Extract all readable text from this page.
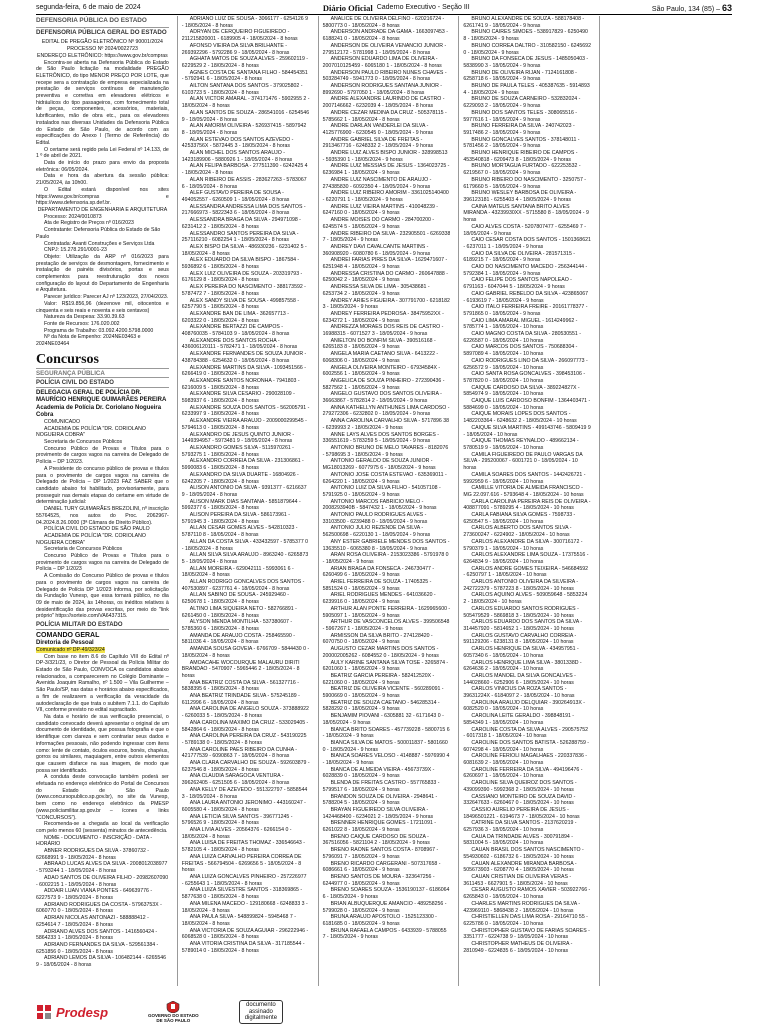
segunda-feira, 6 de maio de 2024	Diário Oficial Caderno Executivo - Seção III	São Paulo, 134 (85) – 63
DEFENSORIA PÚBLICA DO ESTADO
DEFENSORIA PÚBLICA GERAL DO ESTADO
EDITAL DE PREGÃO ELETRÔNICO Nº 90001/2024
PROCESSO Nº 2024/0022723
ENDEREÇO ELETRÔNICO: https://www.gov.br/compras
Encontra-se aberta na Defensoria Pública do Estado de São Paulo licitação na modalidade PREGÃO ELETRÔNICO, do tipo MENOR PREÇO POR LOTE, que recepe sera a contratação de empresa especializada na prestação de serviços contínuos de manutenção preventiva e corretiva em elevadores elétricos e hidráulicos do tipo passageiros, com fornecimento total de peças, componentes, acessórios, materiais, lubrificantes, mão de obra etc., para os elevadores instalados nas diversas Unidades da Defensoria Pública do Estado de São Paulo, de acordo com as especificações do Anexo I (Termo de Referência) do Edital.
O certame será regido pela Lei Federal nº 14.133, de 1 º de abril de 2021.
Data de início do prazo para envio da proposta eletrônica: 06/05/2024.
Data e hora da abertura da sessão pública: 21/05/2024, às 10h00.
O Edital estará disponível nos sites https://www.gov.br/compras e https://www.defensoria.sp.def.br.
DEPARTAMENTO DE ENGENHARIA E ARQUITETURA
Processo: 2024/0010873
Ata de Registro de Preços nº 016/2023
Contratante: Defensoria Pública do Estado de São Paulo
Contratada: Avanti Construções e Serviços Ltda
CNPJ: 15.278.291/0001-23
Objeto: Utilização da ARP nº 016/2023 para prestação de serviços de desmontagem, fornecimento e instalação de painéis divisórios, portas e seus complementos para reestruturação dos novos configuração do layout do Departamento de Engenharia e Arquitetura.
Parecer jurídico: Parecer AJ nº 123/2023, 27/04/2023.
Valor: R$19.856,96 (dezenove mil, oitocentos e cinquenta e seis reais e noventa e seis centavos)
Natureza da Despesa: 33.90.39.63
Fonte de Recursos: 176.020.002
Programa de Trabalho: 03.092.4200.5798.0000
Nº da Nota de Empenho: 2024NE03463 e 2024NE03464
Concursos
SEGURANÇA PÚBLICA
POLÍCIA CIVIL DO ESTADO
DELEGACIA GERAL DE POLÍCIA DR. MAURÍCIO HENRIQUE GUIMARÃES PEREIRA
Academia de Polícia Dr. Coriolano Nogueira Cobra
COMUNICADO
ACADEMIA DE POLÍCIA "DR. CORIOLANO NOGUEIRA COBRA"
Secretaria de Concursos Públicos
Concurso Público de Provas e Títulos para o provimento de cargos vagos na carreira de Delegado de Polícia – DP 1/2023.
A Presidente do concurso público de provas e títulos para o provimento de cargos vagos na carreira de Delegado de Polícia – DP 1/2023 FAZ SABER que o candidato abaixo foi habilitado, provisoriamente, para prosseguir nas demais etapas do certame em virtude de determinação judicial:
DANIEL TURY GUIMARÃES BREZOLINI, nº inscrição 55764525, nos autos do Proc. 2062967-04.2024.8.26.0000 (3ª Câmara de Direito Público).
POLÍCIA CIVIL DO ESTADO DE SÃO PAULO
ACADEMIA DE POLÍCIA "DR. CORIOLANO NOGUEIRA COBRA"
Secretaria de Concursos Públicos
Concurso Público de Provas e Títulos para o provimento de cargos vagos na carreira de Delegado de Polícia – DP 1/2023
A Comissão do Concurso Público de provas e títulos para o provimento de cargos vagos na carreira de Delegado de Polícia DP 1/2023 informa, por solicitação da Fundação Vunesp, que essa tornará público, no dia 09 de maio de 2024, às 14horas, os inéditos relativos à desidentificação das provas escritas, por meio do "link próprio" https://sorteio.com/VA6437315.
POLÍCIA MILITAR DO ESTADO
COMANDO GERAL
Diretoria de Pessoal
Comunicado nº DP-49/323/24
Com base no item 8.6 do Capítulo VIII do Edital nº DP-3/321/23, o Diretor de Pessoal da Polícia Militar do Estado de São Paulo, CONVOCA os candidatos abaixo relacionados, a comparecerem no Colégio Dominante – Avenida Joaquim Ramalho, nº 1.500 – Vila Guilherme – São Paulo/SP, nas datas e horários abaixo especificados, a fim de realizarem a verificação da veracidade da autodeclaração de que trata o subitem 7.1.1. do Capítulo VII, conforme previsto no edital supracitado.
Na data e horário de sua verificação presencial, o candidato convocado deverá apresentar o original de um documento de identidade, que possua fotografia e que o identifique com clareza e sem contrariar seus dados e informações pessoais, não podendo ingressar com itens como: lente de contato, óculos escuros, bonés, chapéus, gorros ou similares, maquiagem, entre outros elementos que causem disfarce na sua imagem, de modo que possa ser identificado.
A conduta deste convocação também poderá ser efetuada no endereço eletrônico do Portal de Concursos do Estado de São Paulo (www.concursopublico.sp.gov.br), no site da Vunesp, bem como no endereço eletrônico da PMESP (www.policiamilitar.sp.gov.br – ícones e links "CONCURSOS").
Recomenda-se a chegada ao local da verificação com pelo menos 60 (sessenta) minutos de antecedência.
NOME - DOCUMENTO - INSCRIÇÃO - DATA - HORÁRIO
ABNER RODRIGUES DA SILVA - 37860732 - 62668991 9 - 18/05/2024 - 8 horas
ABRAAO LUCAS ALVES DA SILVA - 2008012038977 - 5793244 1 - 18/05/2024 - 8 horas
ADAO SANTOS DE OLIVEIRA FILHO - 20982607090 - 6002215 1 - 18/05/2024 - 8 horas
ADDAIR LUAN VIANA PONTES - 649639776 - 6227573 9 - 18/05/2024 - 8 horas
ADRIANO RODRIGUES DA COSTA - 57963753X - 6060770 0 - 18/05/2024 - 8 horas
ADRIAN NICOLAS ANTONAZI - 588888412 - 6254614 7 - 18/05/2024 - 8 horas
ADRIANO ALVES DOS SANTOS - 1416560424 - 5864233 1 - 18/05/2024 - 8 horas
ADRIANO FERNANDES DA SILVA - 529561384 - 6251856 0 - 18/05/2024 - 8 horas
ADRIANO LEMOS DA SILVA - 106482144 - 6265546 9 - 18/05/2024 - 8 horas
ADRIANO LUIZ DE SOUSA - 3066177 - 6254126 9 - 18/05/2024 - 8 horas
ADRYAN DE CERQUEIRO FIGUEIREDO - 211215820001 - 6189905 4 - 18/05/2024 - 8 horas
AFONSO VIEIRA DA SILVA BRILHANTE - 269392296 - 5792286 9 - 18/05/2024 - 8 horas
AGHATA MATOS DE SOUZA ALVES - 259602119 - 6229529 2 - 18/05/2024 - 8 horas
AGNES COSTA DE SANTANA FILHO - 584454351 - 5792941 6 - 18/05/2024 - 8 horas
AILTON SANTANA DOS SANTOS - 379025802 - 6103723 5 - 18/05/2024 - 8 horas
ALAN VICTOR AMARAL - 374171476 - 5902955 2 - 18/05/2024 - 8 horas
ALAN SANTOS DE SOUZA - 286541016 - 6254546 9 - 18/05/2024 - 8 horas
ALAN AMORIM OLIVEIRA - 526937415 - 5897942 8 - 18/05/2024 - 8 horas
ALAN ESTEVAO DOS SANTOS AZEVEDO - 42533756X - 5872445 3 - 18/05/2024 - 8 horas
ALAN MICHEL DOS SANTOS ARAUJO - 1423189906 - 5880926 1 - 18/05/2024 - 8 horas
ALAN FELIPA BARBOSA - 277511390 - 6242425 4 - 18/05/2024 - 8 horas
ALAN RIBEIRO DE ASSIS - 283627263 - 5783067 6 - 18/05/2024 - 8 horas
ALEF GUSTAVO PEREIRA DE SOUSA - 494052557 - 6260509 1 - 18/05/2024 - 8 horas
ALESSANDRA ANDRESSA LIMA DOS SANTOS - 217666973 - 5822343 6 - 18/05/2024 - 8 horas
ALESSANDRA BRAGA DA SILVA - 294971098 - 6231412 2 - 18/05/2024 - 8 horas
ALESSANDRO SANTOS PEREIRA DA SILVA - 257116210 - 6082254 1 - 18/05/2024 - 8 horas
ALEX BISPO DA SILVA - 486930236 - 6231402 5 - 18/05/2024 - 8 horas
ALEX EDUARDO DA SILVA BISPO - 1867584 - 5936892 6 - 18/05/2024 - 8 horas
ALEX LUIZ OLIVEIRA DE SOUZA - 203319793 - 6176129 8 - 18/05/2024 - 8 horas
ALEX PEREIRA DO NASCIMENTO - 388173592 - 5787472 7 - 18/05/2024 - 8 horas
ALEX SANDY SILVA DE SOUSA - 499857558 - 6257790 5 - 18/05/2024 - 8 horas
ALEXANDRE BAN DE LIMA - 362657713 - 6203322 0 - 18/05/2024 - 8 horas
ALEXANDRE BERTAZZI DE CAMPOS - 408760035 - 5784103 9 - 18/05/2024 - 8 horas
ALEXANDRE DOS SANTOS ROCHA - 436006120111 - 5782471 1 - 18/05/2024 - 8 horas
ALEXANDRE FERNANDES DE SOUZA JUNIOR - 438784388 - 6254632 0 - 18/05/2024 - 8 horas
ALEXANDRE MARTINS DA SILVA - 1093451566 - 6266419 0 - 18/05/2024 - 8 horas
ALEXANDRE SANTOS NORONHA - 7941803 - 6216009 5 - 18/05/2024 - 8 horas
ALEXANDRE SILVA CESARIO - 290028109 - 5983937 6 - 18/05/2024 - 8 horas
ALEXANDRE SOUZA DOS SANTOS - 562005791 - 6233997 9 - 18/05/2024 - 8 horas
ALEXANDRE VIEIRA ARAUJO - 2009000299545 - 5794613 0 - 18/05/2024 - 8 horas
ALEXANDRO DE JESUS QUINTO JUNIOR - 1449394957 - 5973481 9 - 18/05/2024 - 8 horas
ALEXANDRO GOMES SILVA - 5115970261 - 5793275 1 - 18/05/2024 - 8 horas
ALEXANDRO CORREIA DA SILVA - 231306861 - 5990083 6 - 18/05/2024 - 8 horas
ALEXANDRO DA SILVA DUARTE - 16804926 - 6242205 7 - 18/05/2024 - 8 horas
ALISON ANTONIO DA SILVA - 9391377 - 6216637 9 - 18/05/2024 - 8 horas
ALISON MARK DIAS SANTANA - 5851879644 - 5992377 6 - 18/05/2024 - 8 horas
ALISON PEREIRA DA SILVA - 586173961 - 5791945 3 - 18/05/2024 - 8 horas
ALLAN CESAR GOMES ALVES - 542810323 - 5787110 8 - 18/05/2024 - 8 horas
ALLAN DA COSTA SILVA - 433432597 - 5785377 0 - 18/05/2024 - 8 horas
ALLAN SILVA SILVA ARAUJO - 8963240 - 6265873 5 - 18/05/2024 - 8 horas
ALLAN MOREIRA - 629042111 - 5993061 6 - 18/05/2024 - 8 horas
ALLAN RODRIGO GONCALVES DOS SANTOS - 407530897 - 6237761 4 - 18/05/2024 - 8 horas
ALLAN SABINO DE SOUSA - 245929460 - 6250678 1 - 18/05/2024 - 8 horas
ALTINO LIMA SIQUEIRA NETO - 582766891 - 6261450 0 - 18/05/2024 - 8 horas
ALYSON MENDA MONTILHA - 537380607 - 5785360 6 - 18/05/2024 - 8 horas
AMANDA DE ARAUJO COSTA - 258465590 - 5811036 4 - 18/05/2024 - 8 horas
AMANDA SOUSA GOVEIA - 6766709 - 5844430 0 - 18/05/2024 - 8 horas
AMOACAHE WOCOURQUE MALAURU DIRITI BRANDAO - 5470907 - 5965446 2 - 18/05/2024 - 8 horas
ANA BEATRIZ COSTA DA SILVA - 561327716 - 5838395 6 - 18/05/2024 - 8 horas
ANA BEATRIZ TRINDADE SILVA - 575245189 - 6112996 6 - 18/05/2024 - 8 horas
ANA CAROLINA DE ANGELO SOUZA - 373888922 - 6260033 5 - 18/05/2024 - 8 horas
ANA CAROLINA MAXIMO DA CRUZ - 533029405 - 5842864 6 - 18/05/2024 - 8 horas
ANA CAROLINA PEREIRA DA CRUZ - 543190225 - 5789138 0 - 18/05/2024 - 8 horas
ANA CAROLINE PAES RIBEIRO DA CUNHA - 421777539 - 6090863 7 - 18/05/2024 - 8 horas
ANA CLARA CARVALHO DE SOUZA - 592603879 - 6237546 8 - 18/05/2024 - 8 horas
ANA CLAUDIA SARAGOCA VENTURA - 396262405 - 6251505 6 - 18/05/2024 - 8 horas
ANA KELLY DE AZEVEDO - 551322797 - 5858544 3 - 18/05/2024 - 8 horas
ANA LAURA ANTONIO JERONIMO - 443160247 - 6005580 4 - 18/05/2024 - 8 horas
ANA LETICIA SILVA SANTOS - 396771245 - 5796526 9 - 18/05/2024 - 8 horas
ANA LIVIA ALVES - 20564376 - 6266154 0 - 18/05/2024 - 8 horas
ANA LUISA DE FREITAS THOMAZ - 336546643 - 5782105 4 - 18/05/2024 - 8 horas
ANA LUIZA CARVALHO PEREIRA CORREA DE FREITAS - 566794504 - 6269656 5 - 18/05/2024 - 8 horas
ANA LUIZA GONCALVES PINHEIRO - 257226977 - 6255643 1 - 18/05/2024 - 8 horas
ANA LUIZA SILVESTRE SANTOS - 318369865 - 5877638 0 - 18/05/2024 - 8 horas
ANA MILENA MACEDO - 129180668 - 6248833 3 - 18/05/2024 - 8 horas
ANA PAULA SILVA - 548899824 - 5945468 7 - 18/05/2024 - 8 horas
ANA VICTORIA DE SOUZA AGUIAR - 296222946 - 6068528 0 - 18/05/2024 - 8 horas
ANA VITORIA CRISTINA DA SILVA - 317185544 - 5789014 0 - 18/05/2024 - 8 horas
ANALICE DE OLIVEIRA DELFINO - 620216724 - 5800773 0 - 18/05/2024 - 8 horas
ANDERSON ANDRADE DA GAMA - 1663097453 - 6188241 0 - 18/05/2024 - 8 horas
ANDERSON DE OLIVEIRA VENANCIO JUNIOR - 279512172 - 5781998 1 - 18/05/2024 - 8 horas
ANDERSON EDUARDO LIMA DE OLIVEIRA - 2007010125459 - 6065180 1 - 18/05/2024 - 8 horas
ANDERSON PAULO RIBEIRO NUNES CHAVES - 503284749 - 5941773 0 - 18/05/2024 - 8 horas
ANDERSON RODRIGUES SANTANA JUNIOR - 8992690 - 5797050 1 - 18/05/2024 - 8 horas
ANDRE ALEXANDRE LAURINDO DE CASTRO - 2007146662 - 6232039 4 - 18/05/2024 - 8 horas
ANDRE CEZAR MEDINA DA CRUZ - 505378115 - 5785662 1 - 18/05/2024 - 8 horas
ANDRE DARLAN VANDERLEI DA SILVA - 4125776900 - 6230545 0 - 18/05/2024 - 9 horas
ANDRE GABRIEL SILVA DE FREITAS - 2913467716 - 6248332 2 - 18/05/2024 - 9 horas
ANDRE LUIZ ALVES BISPO JUNIOR - 328998513 - 5935390 1 - 18/05/2024 - 9 horas
ANDRE LUIZ MESSIAS DE JESUS - 1364023725 - 6236984 1 - 18/05/2024 - 9 horas
ANDRE LUIZ NASCIMENTO DE ARAUJO - 274385830 - 6092350 4 - 18/05/2024 - 9 horas
ANDRE LUIZ RIBEIRO AMORIM - 3361025140400 - 6220791 1 - 18/05/2024 - 9 horas
ANDRE LUIZ VIEIRA MARTINS - 410048239 - 6247160 0 - 18/05/2024 - 9 horas
ANDRE MOISES DO CARMO - 284700200 - 6245574 5 - 18/05/2024 - 9 horas
ANDRE RIBEIRO DA SILVA - 232905501 - 6269338 7 - 18/05/2024 - 9 horas
ANDREY DAVI CAVALCANTE MARTINS - 360908920 - 6080780 6 - 18/05/2024 - 9 horas
ANDREI FARIAS PIRES DA SILVA - 1629471607 - 6251948 4 - 18/05/2024 - 9 horas
ANDRESSA CRISTINA DO CARMO - 260647888 - 6250042 2 - 18/05/2024 - 9 horas
ANDRESSA SILVA DE LIMA - 305438681 - 6253734 2 - 18/05/2024 - 9 horas
ANDREY ARIES FIGUEIRA - 307791700 - 6218182 3 - 18/05/2024 - 9 horas
ANDREY FERREIRA PEDROSA - 38475952XX - 6234272 1 - 18/05/2024 - 9 horas
ANDREZZA MORAES DOS REIS DE CASTRO - 16988315 - 6071527 3 - 18/05/2024 - 9 horas
ANIELTON DO BONFIM SILVA - 390516168 - 6265183 8 - 18/05/2024 - 9 horas
ANGELA MARIA CAETANO SILVA - 6413222 - 6068306 0 - 18/05/2024 - 9 horas
ANGELA OLIVEIRA MONTEIRO - 67934584X - 6002556 1 - 18/05/2024 - 9 horas
ANGELICA DE SOUZA PINHEIRO - 272390436 - 5827562 1 - 18/05/2024 - 9 horas
ANGELO GUSTAVO DOS SANTOS OLIVEIRA - 36663867 - 5782814 2 - 18/05/2024 - 9 horas
ANNA KATHELLYN ANTHUNES LIMA CARDOSO - 279272306 - 6232802 0 - 18/05/2024 - 9 horas
ANNA CAROLINA CARVALHO SILVA - 5717896 38 - 6239993 2 - 18/05/2024 - 9 horas
ANNE LAYS ALVES DOS SANTOS BORGES - 336551619 - 5783259 5 - 18/05/2024 - 9 horas
ANTONIO BRUNO DE MELO TAVARES - 8182076 - 5798695 3 - 18/05/2024 - 9 horas
ANTONIO GERALDO DE SOUZA JUNIOR - MG18013269 - 6077975 6 - 18/05/2024 - 9 horas
ANTONIO JOSE COSTA ESTEVAO - 635369011 - 6264220 1 - 18/05/2024 - 9 horas
ANTONIO LUIZ DA SILVA FILHO - 541057108 - 5791925 0 - 18/05/2024 - 9 horas
ANTONIO MARCOS FABRICIO MELO - 2008293940B - 5847432 1 - 18/05/2024 - 9 horas
ANTONIO PAULO RODRIGUES ALVES - 33103500 - 6239488 0 - 18/05/2024 - 9 horas
ANTONIO JULIO REZENDE DA SILVA - 562500698 - 6220130 1 - 18/05/2024 - 9 horas
ANY ESTER GABRIELE MENDES DOS SANTOS - 13635510 - 6065380 8 - 18/05/2024 - 9 horas
ARAN ROSA OLIVEIRA - 2153023386 - 5791978 0 - 18/05/2024 - 9 horas
ARIAN BRAGA DA FONSECA - 246730477 - 6260499 6 - 18/05/2024 - 9 horas
ARIEL FERREIRA DE SOUZA - 17405325 - 5851524 0 - 18/05/2024 - 9 horas
ARIEL RODRIGUES MENDES - 641036620 - 6239916 0 - 18/05/2024 - 9 horas
ARTHUR ALAN PONTE FERREIRA - 1629965600 - 5905097 1 - 18/05/2024 - 9 horas
ARTHUR DE VASCONCELOS ALVES - 399506548 - 5967267 1 - 18/05/2024 - 9 horas
ARMISSON DA SILVA BRITO - 274128420 - 6070750 0 - 18/05/2024 - 9 horas
AUGUSTO CEZAR MARTINS DOS SANTOS - 200002005262 - 6084552 0 - 18/05/2024 - 9 horas
AULY KARINE SANTANA SILVA TOSE - 3265874 - 6201060 1 - 18/05/2024 - 9 horas
BEATRIZ GARCIA PEREIRA - 582412520X - 6221060 0 - 18/05/2024 - 9 horas
BEATRIZ DE OLIVEIRA VICENTE - 560289091 - 5900669 0 - 18/05/2024 - 9 horas
BEATRIZ DE SOUZA CAETANO - 546285314 - 5828292 0 - 18/05/2024 - 9 horas
BENJAMIM PIOVANI - 6305881 32 - 6171643 0 - 18/05/2024 - 9 horas
BIANCA BRITO SOARES - 457739228 - 5800715 6 - 18/05/2024 - 9 horas
BIANCA SILVA DE MATOS - 500011837 - 5801660 0 - 18/05/2024 - 9 horas
BIANCA SOARES VELOSO - 4148887 - 5976990 4 - 18/05/2024 - 9 horas
BIANCA DE ALMEIDA VIEIRA - 45673739X - 6028839 0 - 18/05/2024 - 9 horas
BLENDA DE FREITAS CASTRO - 557765833 - 5799517 6 - 18/05/2024 - 9 horas
BRANDON SOUZA DE OLIVEIRA - 2948641 - 5788204 5 - 18/05/2024 - 9 horas
BRAYAN FIGUEIREDO SILVA OLIVEIRA - 1424468400 - 6234021 2 - 18/05/2024 - 9 horas
BRENNER HENRIQUE GOMES - 17211091 - 6261022 8 - 18/05/2024 - 9 horas
BRENO CAIQUE CARDOSO DE SOUZA - 367516056 - 5821104 2 - 18/05/2024 - 9 horas
BRENO RAONE SANTOS COSTA - 8708967 - 5796091 7 - 18/05/2024 - 9 horas
BRENO RICARDO CARGERANI - 507317658 - 6086661 6 - 18/05/2024 - 9 horas
BRENO SANTOS DE MOURA - 323647256 - 6244977 0 - 18/05/2024 - 9 horas
BRENO SOARES SOUZA - 1536190137 - 6186064 6 - 18/05/2024 - 9 horas
BRIAN ALBUQUERQUE AMANCIO - 489258256 - 5799028 0 - 18/05/2024 - 9 horas
BRUNA ARAUJO APOSTOLO - 1525123300 - 6181685 0 - 18/05/2024 - 9 horas
BRUNA RAFAELA CAMPOS - 6433939 - 5788055 7 - 18/05/2024 - 9 horas
BRUNO ALEXANDRE DE SOUZA - 588178408 - 6261741 9 - 18/05/2024 - 9 horas
BRUNO CAIRES SIMOES - 538917829 - 6250490 8 - 18/05/2024 - 9 horas
BRUNO CORREA DALTRO - 310582150 - 6245692 0 - 18/05/2024 - 9 horas
BRUNO DA FONSECA DE JESUS - 1485050403 - 5838990 3 - 18/05/2024 - 9 horas
BRUNO DE OLIVEIRA RIJAN - 7124161808 - 6258718 6 - 18/05/2024 - 9 horas
BRUNO DE PAULA TELES - 405387635 - 5914893 4 - 18/05/2024 - 9 horas
BRUNO DE SOUZA CARNEIRO - 532832024 - 6229093 2 - 18/05/2024 - 9 horas
BRUNO DOS SANTOS TELES - 308065516 - 5977616 1 - 18/05/2024 - 9 horas
BRUNO FERREIRA DA SILVA - 240742023 - 5917486 2 - 18/05/2024 - 9 horas
BRUNO GONCALVES SANTOS - 378148011 - 5781456 2 - 18/05/2024 - 9 horas
BRUNO HENRIQUE RIBEIRO DE CAMPOS - 453540818 - 6209473 8 - 18/05/2024 - 9 horas
BRUNO MORTAGUA FURTADO - 622253532 - 6219567 0 - 18/05/2024 - 9 horas
BRUNO RIBEIRO DO NASCIMENTO - 3250757 - 6179660 5 - 18/05/2024 - 9 horas
BRUNO WESLEY BARBOSA DE OLIVEIRA - 396123181 - 6255403 4 - 18/05/2024 - 9 horas
CAINA MATEUS SANTANA BRITO ALVES MIRANDA - 43239930XX - 5715580 8 - 18/05/2024 - 9 horas
CAIO ALVES COSTA - 5207807477 - 6255469 7 - 18/05/2024 - 9 horas
CAIO CESAR COSTA DOS SANTOS - 1501368621 - 6237011 1 - 18/05/2024 - 9 horas
CAIO DA SILVA DE OLIVEIRA - 281571315 - 6189215 7 - 18/05/2024 - 9 horas
CAIO DO NASCIMENTO MACEDO - 256344144 - 5792384 1 - 18/05/2024 - 9 horas
CAIO FELIPE DOS SANTOS NAPOLEAO - 6791163 - 6047044 5 - 18/05/2024 - 9 horas
CAIO GABRIEL REBELDO DA SILVA - 423865067 - 6193619 7 - 18/05/2024 - 9 horas
CAIO ITALO FERREIRA FREIRE - 20161778377 - 5791865 0 - 18/05/2024 - 9 horas
CAIO LIMA AMARAL MIGUEL - 1614249962 - 5785774 1 - 18/05/2024 - 10 horas
CAIO MAGNO COSTA DA SILVA - 280530551 - 6226587 0 - 18/05/2024 - 10 horas
CAIO MARCOS DOS SANTOS - 750688304 - 5897089 4 - 18/05/2024 - 10 horas
CAIO RODRIGUES LINO DA SILVA - 266097773 - 6256572 9 - 18/05/2024 - 10 horas
CAIO SANTA ROSA GONCALVES - 398453106 - 5787820 0 - 18/05/2024 - 10 horas
CAIQUE CARDOSO DA SILVA - 389224827X - 5854974 9 - 18/05/2024 - 10 horas
CAIQUE LUIS CARDOSO BONFIM - 1364403471 - 5884699 0 - 18/05/2024 - 10 horas
CAIQUE MORAIS LOPES DOS SANTOS - 1482203364 - 6248632 2 - 18/05/2024 - 10 horas
CAIQUE SILVA MARTINS - 499143746 - 5809419 9 - 18/05/2024 - 10 horas
CAIQUE THOMAS REYNALDO - 489662134 - 5780519 9 - 18/05/2024 - 10 horas
CAMILA FIGUEIREDO DE PAULO VARGAS DA SILVA - 295200067 - 6001721 0 - 18/05/2024 - 10 horas
CAMILA SOARES DOS SANTOS - 1442426721 - 5992959 6 - 18/05/2024 - 10 horas
CAMILLE VITORIA DE ALMEIDA FRANCISCO - MG 22.097.616 - 5793648 4 - 18/05/2024 - 10 horas
CARLA CAROLINA PEREIRA REIS DE OLIVEIRA - 408877091 - 5789295 4 - 18/05/2024 - 10 horas
CARLA FABIANA SILVA GOMES - 7598733 - 6250547 5 - 18/05/2024 - 10 horas
CARLOS ALBERTO DOS SANTOS SILVA - 273600247 - 6224902 - 18/05/2024 - 10 horas
CARLOS ALEXANDRE DA SILVA - 300716172 - 5790379 1 - 18/05/2024 - 10 horas
CARLOS ALEXANDRE LIMA SOUZA - 17375516 - 6264834 9 - 18/05/2024 - 10 horas
CARLOS ANDRE GOMES TEIXEIRA - 546684592 - 6250797 1 - 18/05/2024 - 10 horas
CARLOS ANTONIO OLIVEIRA DA SILVEIRA - 242722379 - 5787223 8 - 18/05/2024 - 10 horas
CARLOS AQUINO ALVES - 509059648 - 5853224 2 - 18/05/2024 - 10 horas
CARLOS EDUARDO SANTOS RODRIGUES - 505479529 - 5869818 3 - 18/05/2024 - 10 horas
CARLOS EDUARDO DOS SANTOS DA SILVA - 314457920 - 5814652 1 - 18/05/2024 - 10 horas
CARLOS GUSTAVO CARVALHO CORREIA - 591129206 - 6238131 8 - 18/05/2024 - 10 horas
CARLOS HENRIQUE DA SILVA - 434957951 - 6057340 6 - 18/05/2024 - 10 horas
CARLOS HENRIQUE LIMA SILVA - 3801338D - 6264636 2 - 18/05/2024 - 10 horas
CARLOS MANOEL DA SILVA GONCALVES - 144028660 - 6252906 6 - 18/05/2024 - 10 horas
CARLOS VINICIUS DA ROZA SANTOS - 39631224X - 6184097 2 - 18/05/2024 - 10 horas
CAROLINA ARAUJO DELQUIAR - 390264913X - 6082520 0 - 18/05/2024 - 10 horas
CAROLINA LEITE GERALDO - 398848191 - 5854349 1 - 18/05/2024 - 10 horas
CAROLINE COSTA DA SILVA ALVES - 290575752 - 6017318 1 - 18/05/2024 - 10 horas
CAROLINE DOS SANTOS BATISTA - 526288759 - 6074298 4 - 18/05/2024 - 10 horas
CAROLINE FERIOLI MAGALHAES - 220337836 - 6081639 2 - 18/05/2024 - 10 horas
CAROLINE FERREIRA DA SILVA - 494196476 - 6260697 1 - 18/05/2024 - 10 horas
CAROLINE SILVA QUEIROZ DOS SANTOS - 439099390 - 5992368 2 - 18/05/2024 - 10 horas
CASSIANO MONTEIRO DE SOUZA DAVID - 332647633 - 6260467 0 - 18/05/2024 - 10 horas
CASSIO AURELIO PEREIRA DE JESUS - 18496501221 - 6194673 7 - 18/05/2024 - 10 horas
CATRINE DA SILVA SANTOS - 2137620219 - 6257936 3 - 18/05/2024 - 10 horas
CAUA DA TRINDADE ALVES - 300791894 - 5831004 5 - 18/05/2024 - 10 horas
CAUAN BRASIL DOS SANTOS NASCIMENTO - 554930602 - 6186732 6 - 18/05/2024 - 10 horas
CAUAN ALEXANDRE MIRANDA BARBOSA - 505673903 - 6208770 4 - 18/05/2024 - 10 horas
CAUAN CRISTIAN DE OLIVEIRA VERAS - 3611453 - 6627901 5 - 18/05/2024 - 10 horas
CESAR AUGUSTO RAMOS XAVIER - 503922766 - 6265843 0 - 18/05/2024 - 10 horas
CHARLES MARTINS RODRIGUES DA SILVA - 423969110 - 5868438 2 - 18/05/2024 - 10 horas
CHRISTIELLEN DAS LIMA ROSA - 29164710 55 - 6225786 0 - 18/05/2024 - 10 horas
CHRISTOPHER GUSTAVO DE FARIAS SOARES - 3351777 - 6224738 9 - 18/05/2024 - 10 horas
CHRISTOPHER MATHEUS DE OLIVEIRA - 2810949 - 6224835 6 - 18/05/2024 - 10 horas
Prodesp	GOVERNO DO ESTADO
DE SÃO PAULO
documento
assinado
digitalmente
